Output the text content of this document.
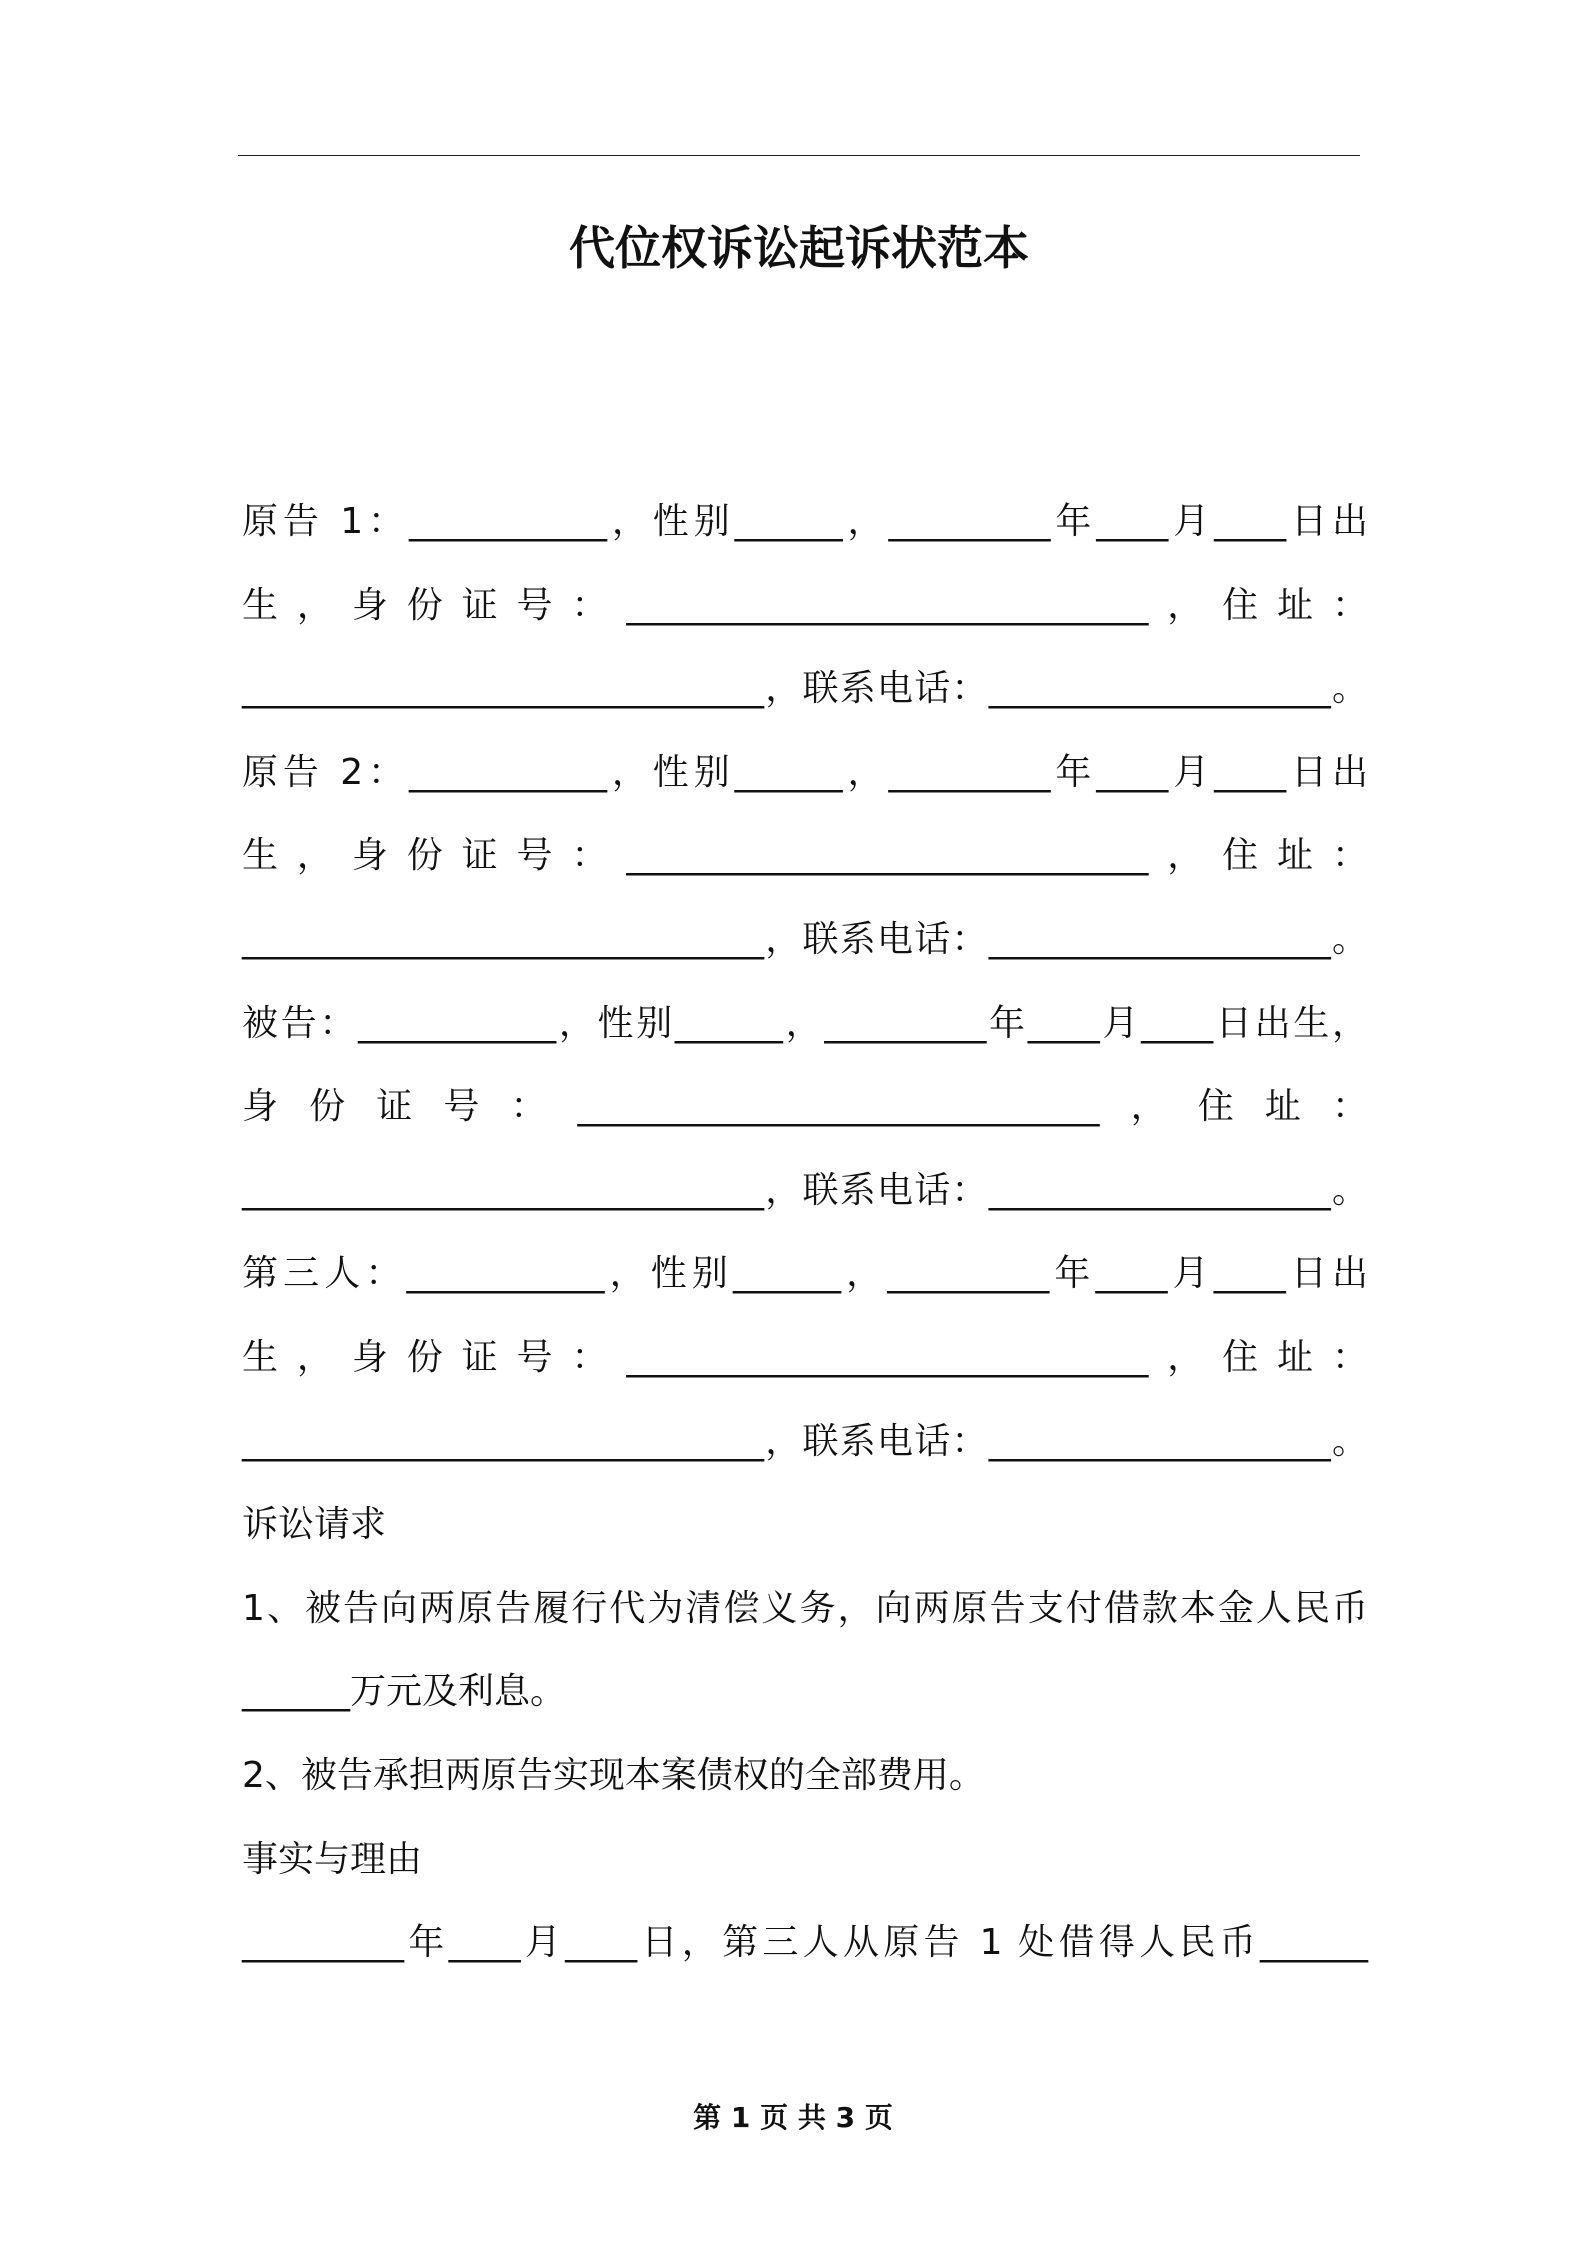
代位权诉讼起诉状范本
原告 1：___________，性别______，_________年____月____日出
生，身份证号：_____________________________，住址：
_____________________________，联系电话：___________________。
原告 2：___________，性别______，_________年____月____日出
生，身份证号：_____________________________，住址：
_____________________________，联系电话：___________________。
被告：___________，性别______，_________年____月____日出生，
身份证号：_____________________________，住址：
_____________________________，联系电话：___________________。
第三人：___________，性别______，_________年____月____日出
生，身份证号：_____________________________，住址：
_____________________________，联系电话：___________________。
诉讼请求
1、被告向两原告履行代为清偿义务，向两原告支付借款本金人民币
______万元及利息。
2、被告承担两原告实现本案债权的全部费用。
事实与理由
_________年____月____日，第三人从原告 1 处借得人民币______
第 1 页 共 3 页
